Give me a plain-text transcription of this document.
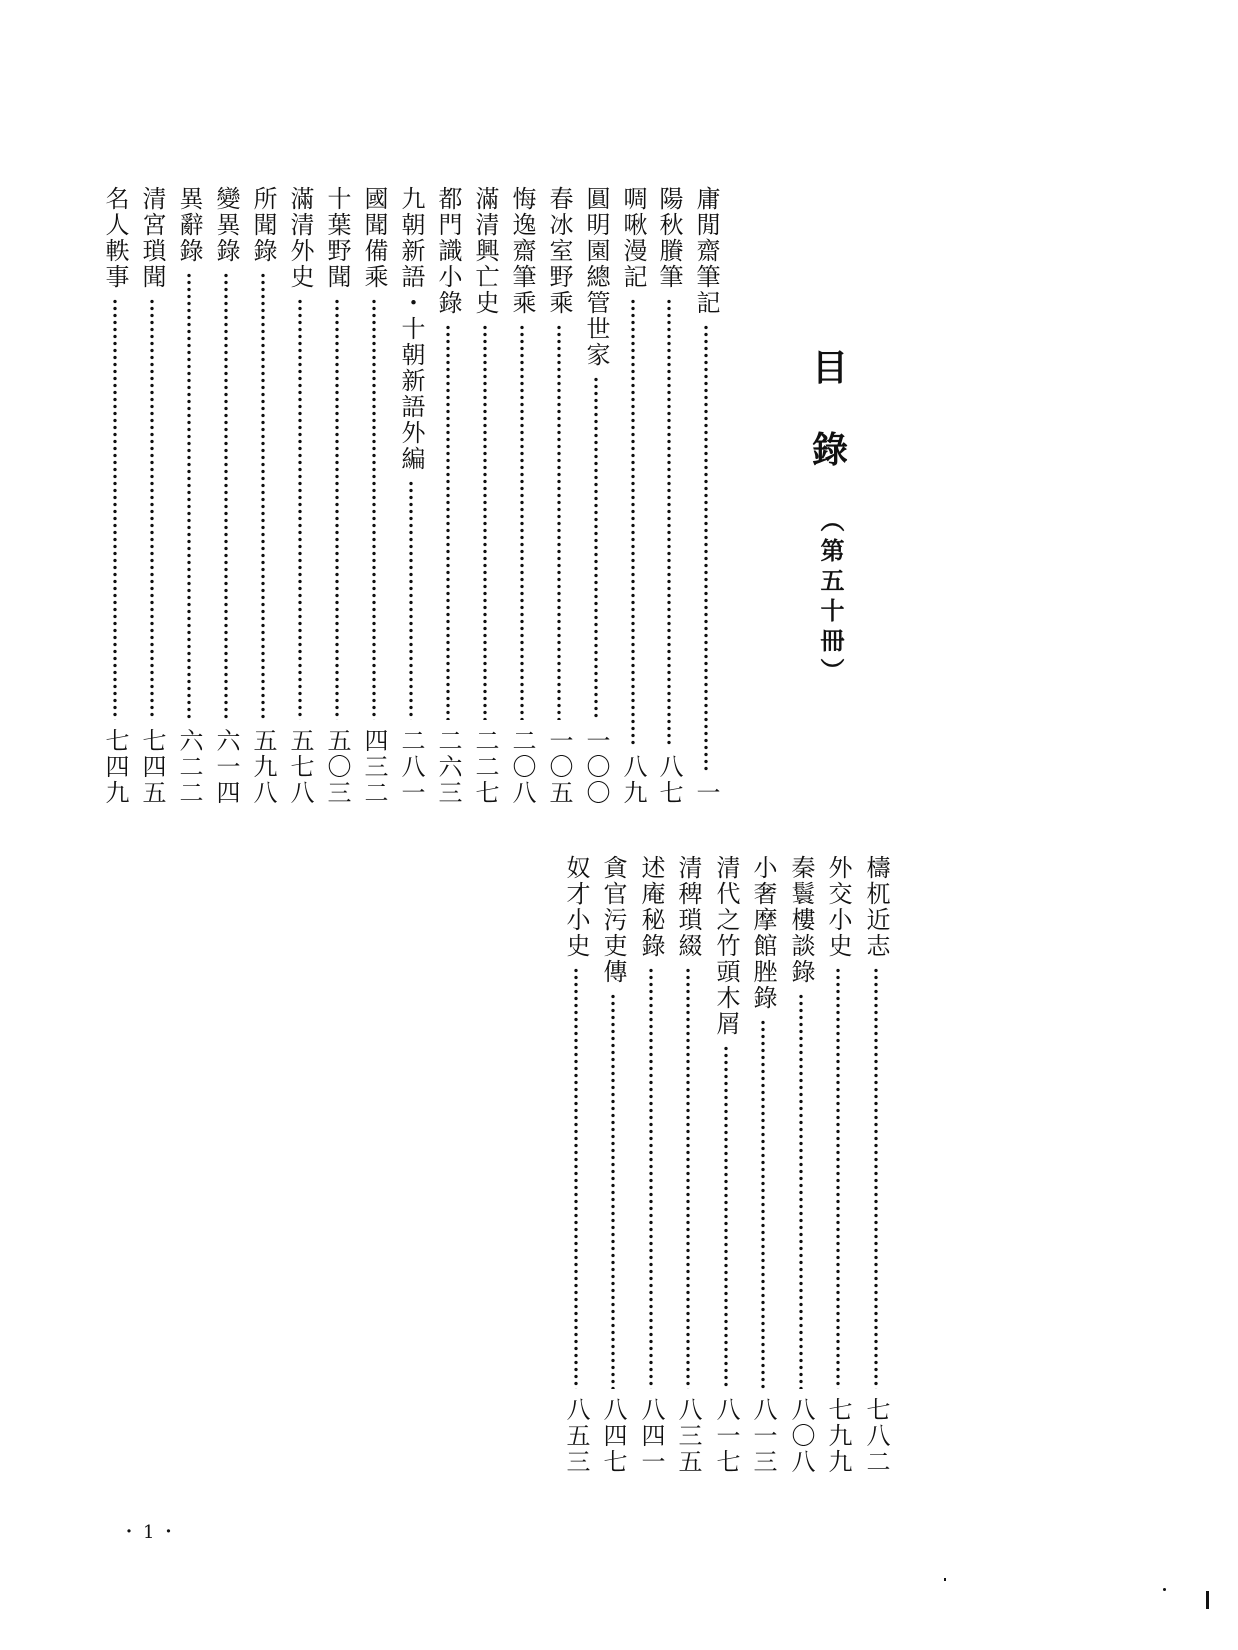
目
錄
︵第五十冊︶
庸閒齋筆記
一
陽秋賸筆
八七
啁啾漫記
八九
圓明園總管世家
一〇〇
春冰室野乘
一〇五
悔逸齋筆乘
二〇八
滿清興亡史
二二七
都門識小錄
二六三
九朝新語・十朝新語外編
二八一
國聞備乘
四三二
十葉野聞
五〇三
滿清外史
五七八
所聞錄
五九八
變異錄
六一四
異辭錄
六二二
清宮瑣聞
七四五
名人軼事
七四九
檮杌近志
七八二
外交小史
七九九
秦鬟樓談錄
八〇八
小奢摩館脞錄
八一三
清代之竹頭木屑
八一七
清稗瑣綴
八三五
述庵秘錄
八四一
貪官污吏傳
八四七
奴才小史
八五三
・1・
